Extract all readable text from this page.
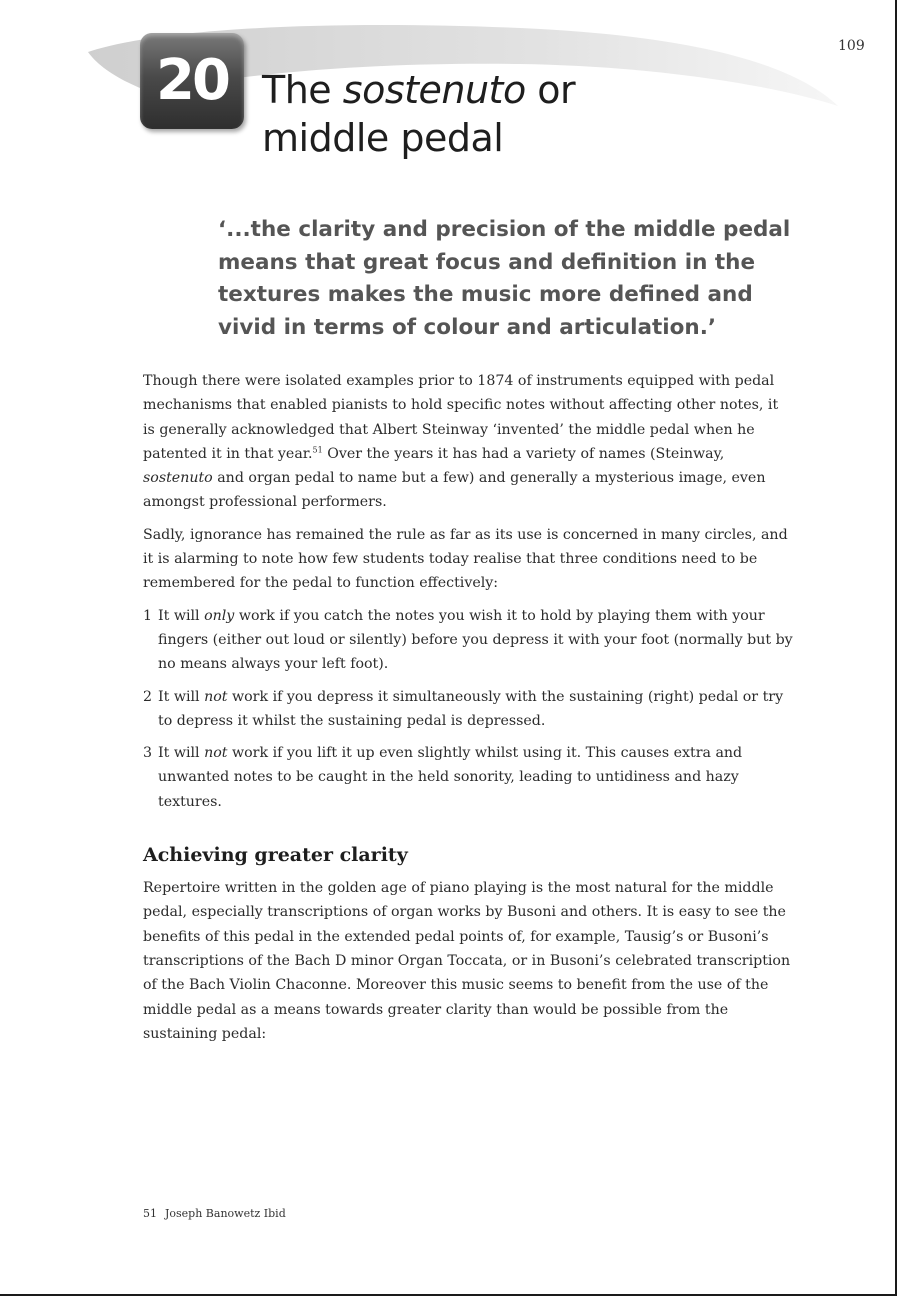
20 The sostenuto or
middle pedal
109

‘...the clarity and precision of the middle pedal means that great focus and definition in the textures makes the music more defined and vivid in terms of colour and articulation.’

Though there were isolated examples prior to 1874 of instruments equipped with pedal mechanisms that enabled pianists to hold specific notes without affecting other notes, it is generally acknowledged that Albert Steinway ‘invented’ the middle pedal when he patented it in that year.$^{51}$ Over the years it has had a variety of names (Steinway, sostenuto and organ pedal to name but a few) and generally a mysterious image, even amongst professional performers.

Sadly, ignorance has remained the rule as far as its use is concerned in many circles, and it is alarming to note how few students today realise that three conditions need to be remembered for the pedal to function effectively:

1 It will only work if you catch the notes you wish it to hold by playing them with your fingers (either out loud or silently) before you depress it with your foot (normally but by no means always your left foot).
2 It will not work if you depress it simultaneously with the sustaining (right) pedal or try to depress it whilst the sustaining pedal is depressed.
3 It will not work if you lift it up even slightly whilst using it. This causes extra and unwanted notes to be caught in the held sonority, leading to untidiness and hazy textures.
Achieving greater clarity

Repertoire written in the golden age of piano playing is the most natural for the middle pedal, especially transcriptions of organ works by Busoni and others. It is easy to see the benefits of this pedal in the extended pedal points of, for example, Tausig’s or Busoni’s transcriptions of the Bach D minor Organ Toccata, or in Busoni’s celebrated transcription of the Bach Violin Chaconne. Moreover this music seems to benefit from the use of the middle pedal as a means towards greater clarity than would be possible from the sustaining pedal:

51 Joseph Banowetz Ibid
